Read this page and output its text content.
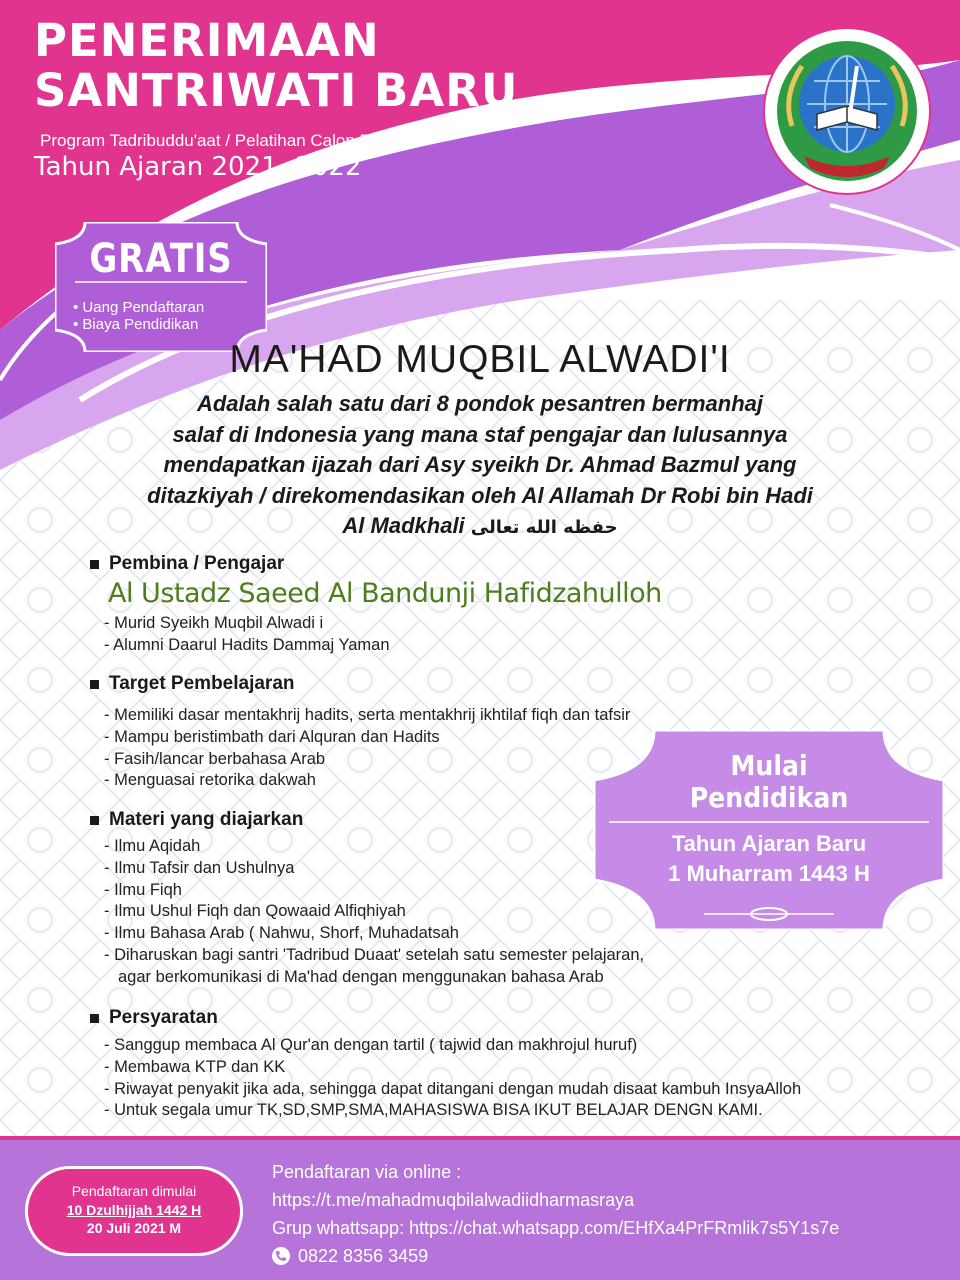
PENERIMAAN
SANTRIWATI BARU
Program Tadribuddu'aat / Pelatihan Calon Da'i
Tahun Ajaran 2021- 2022
GRATIS
• Uang Pendaftaran
• Biaya Pendidikan
MA'HAD MUQBIL ALWADI'I
Adalah salah satu dari 8 pondok pesantren bermanhaj
salaf di Indonesia yang mana staf pengajar dan lulusannya
mendapatkan ijazah dari Asy syeikh Dr. Ahmad Bazmul yang
ditazkiyah / direkomendasikan oleh Al Allamah Dr Robi bin Hadi
Al Madkhali حفظه الله تعالى
Pembina / Pengajar
Al Ustadz Saeed Al Bandunji Hafidzahulloh
- Murid Syeikh Muqbil Alwadi i
- Alumni Daarul Hadits Dammaj Yaman
Target Pembelajaran
- Memiliki dasar mentakhrij hadits, serta mentakhrij ikhtilaf fiqh dan tafsir
- Mampu beristimbath dari Alquran dan Hadits
- Fasih/lancar berbahasa Arab
- Menguasai retorika dakwah
Materi yang diajarkan
- Ilmu Aqidah
- Ilmu Tafsir dan Ushulnya
- Ilmu Fiqh
- Ilmu Ushul Fiqh dan Qowaaid Alfiqhiyah
- Ilmu Bahasa Arab ( Nahwu, Shorf, Muhadatsah
- Diharuskan bagi santri 'Tadribud Duaat' setelah satu semester pelajaran,
agar berkomunikasi di Ma'had dengan menggunakan bahasa Arab
Persyaratan
- Sanggup membaca Al Qur'an dengan tartil ( tajwid dan makhrojul huruf)
- Membawa KTP dan KK
- Riwayat penyakit jika ada, sehingga dapat ditangani dengan mudah disaat kambuh InsyaAlloh
- Untuk segala umur TK,SD,SMP,SMA,MAHASISWA BISA IKUT BELAJAR DENGN KAMI.
Mulai
Pendidikan
Tahun Ajaran Baru
1 Muharram 1443 H
Pendaftaran dimulai
10 Dzulhijjah 1442 H
20 Juli 2021 M
Pendaftaran via online :
https://t.me/mahadmuqbilalwadiidharmasraya
Grup whattsapp: https://chat.whatsapp.com/EHfXa4PrFRmlik7s5Y1s7e
0822 8356 3459
